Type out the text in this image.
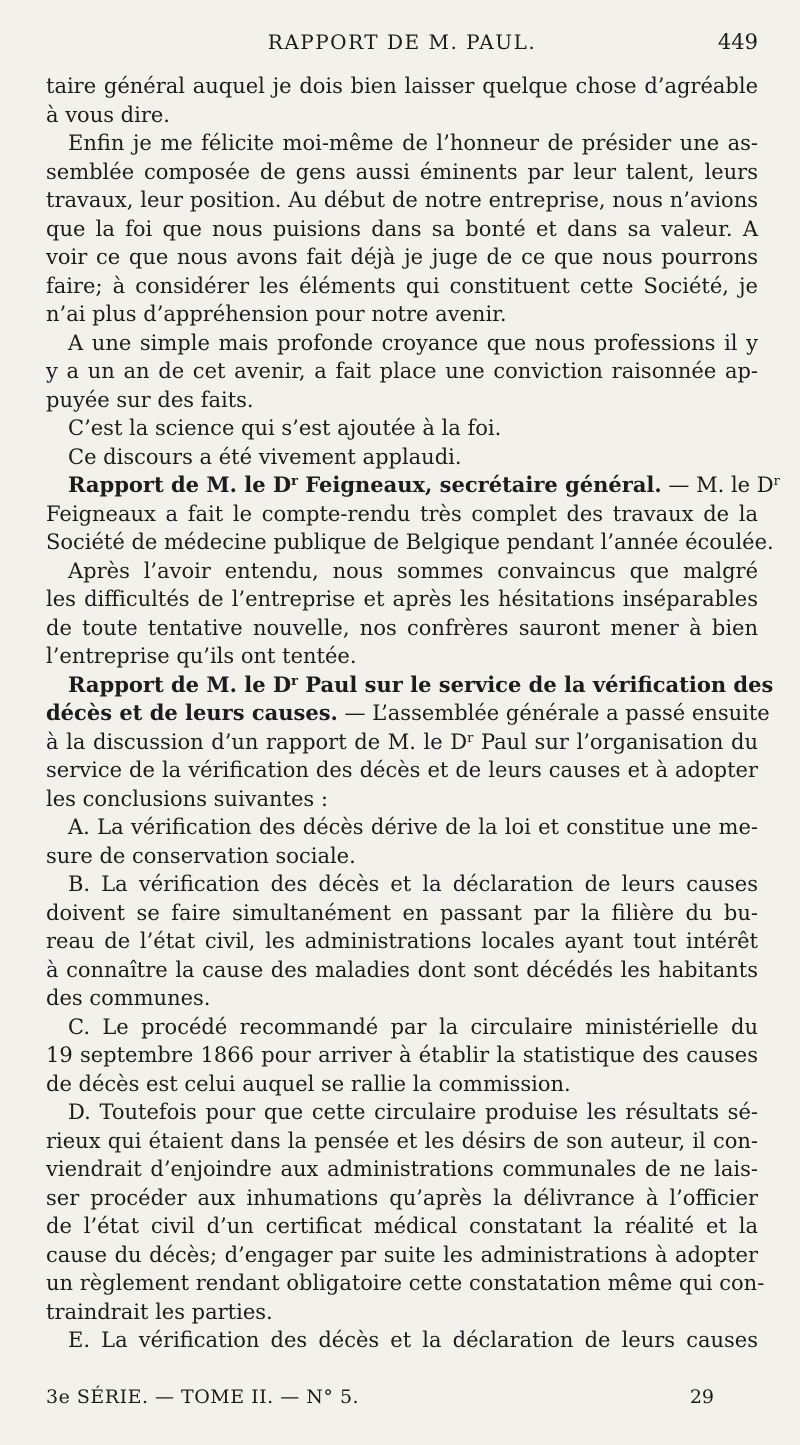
RAPPORT DE M. PAUL.	449
taire général auquel je dois bien laisser quelque chose d’agréable
à vous dire.
Enfin je me félicite moi-même de l’honneur de présider une as-
semblée composée de gens aussi éminents par leur talent, leurs
travaux, leur position. Au début de notre entreprise, nous n’avions
que la foi que nous puisions dans sa bonté et dans sa valeur. A
voir ce que nous avons fait déjà je juge de ce que nous pourrons
faire; à considérer les éléments qui constituent cette Société, je
n’ai plus d’appréhension pour notre avenir.
A une simple mais profonde croyance que nous professions il y
y a un an de cet avenir, a fait place une conviction raisonnée ap-
puyée sur des faits.
C’est la science qui s’est ajoutée à la foi.
Ce discours a été vivement applaudi.
Rapport de M. le $D^r$ Feigneaux, secrétaire général. — M. le $D^r$
Feigneaux a fait le compte-rendu très complet des travaux de la
Société de médecine publique de Belgique pendant l’année écoulée.
Après l’avoir entendu, nous sommes convaincus que malgré
les difficultés de l’entreprise et après les hésitations inséparables
de toute tentative nouvelle, nos confrères sauront mener à bien
l’entreprise qu’ils ont tentée.
Rapport de M. le $D^r$ Paul sur le service de la vérification des
décès et de leurs causes. — L’assemblée générale a passé ensuite
à la discussion d’un rapport de M. le $D^r$ Paul sur l’organisation du
service de la vérification des décès et de leurs causes et à adopter
les conclusions suivantes :
A. La vérification des décès dérive de la loi et constitue une me-
sure de conservation sociale.
B. La vérification des décès et la déclaration de leurs causes
doivent se faire simultanément en passant par la filière du bu-
reau de l’état civil, les administrations locales ayant tout intérêt
à connaître la cause des maladies dont sont décédés les habitants
des communes.
C. Le procédé recommandé par la circulaire ministérielle du
19 septembre 1866 pour arriver à établir la statistique des causes
de décès est celui auquel se rallie la commission.
D. Toutefois pour que cette circulaire produise les résultats sé-
rieux qui étaient dans la pensée et les désirs de son auteur, il con-
viendrait d’enjoindre aux administrations communales de ne lais-
ser procéder aux inhumations qu’après la délivrance à l’officier
de l’état civil d’un certificat médical constatant la réalité et la
cause du décès; d’engager par suite les administrations à adopter
un règlement rendant obligatoire cette constatation même qui con-
traindrait les parties.
E. La vérification des décès et la déclaration de leurs causes
3e SÉRIE. — TOME II. — N° 5.	29
